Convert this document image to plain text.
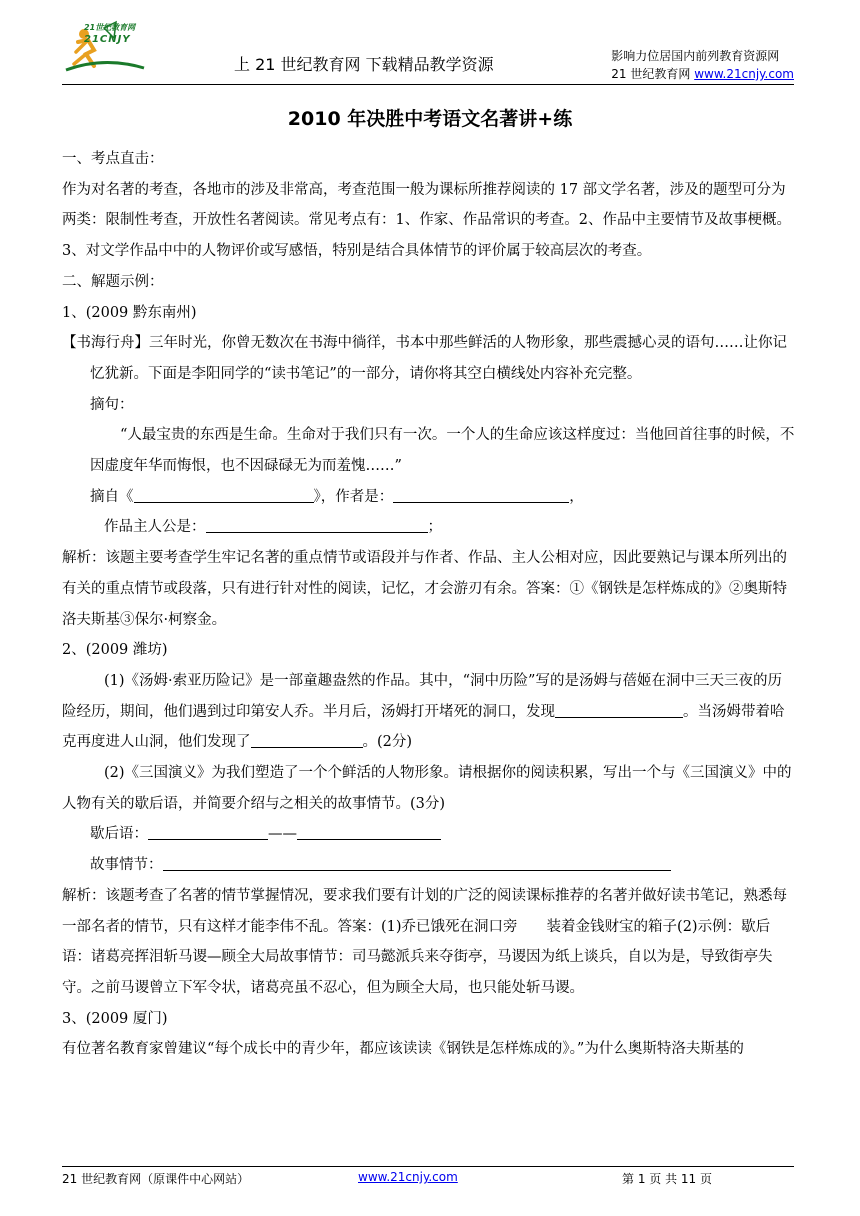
21世纪教育网
21CNJY
上 21 世纪教育网 下载精品教学资源	影响力位居国内前列教育资源网
21 世纪教育网 www.21cnjy.com
2010 年决胜中考语文名著讲+练

一、考点直击：

作为对名著的考查，各地市的涉及非常高，考查范围一般为课标所推荐阅读的 17 部文学名著，涉及的题型可分为两类：限制性考查，开放性名著阅读。常见考点有：1、作家、作品常识的考查。2、作品中主要情节及故事梗概。3、对文学作品中中的人物评价或写感悟，特别是结合具体情节的评价属于较高层次的考查。

二、解题示例：

1、(2009 黔东南州)

【书海行舟】三年时光，你曾无数次在书海中徜徉，书本中那些鲜活的人物形象，那些震撼心灵的语句……让你记忆犹新。下面是李阳同学的“读书笔记”的一部分，请你将其空白横线处内容补充完整。

摘句：

“人最宝贵的东西是生命。生命对于我们只有一次。一个人的生命应该这样度过：当他回首往事的时候，不因虚度年华而悔恨，也不因碌碌无为而羞愧……”

摘自《	》，作者是：	，

作品主人公是：	；

解析：该题主要考查学生牢记名著的重点情节或语段并与作者、作品、主人公相对应，因此要熟记与课本所列出的有关的重点情节或段落，只有进行针对性的阅读，记忆，才会游刃有余。答案：①《钢铁是怎样炼成的》②奥斯特洛夫斯基③保尔·柯察金。

2、(2009 潍坊)

(1)《汤姆·索亚历险记》是一部童趣盎然的作品。其中，“洞中历险”写的是汤姆与蓓姬在洞中三天三夜的历险经历，期间，他们遇到过印第安人乔。半月后，汤姆打开堵死的洞口，发现	。当汤姆带着哈克再度进人山洞，他们发现了	。(2分)

(2)《三国演义》为我们塑造了一个个鲜活的人物形象。请根据你的阅读积累，写出一个与《三国演义》中的人物有关的歇后语，并简要介绍与之相关的故事情节。(3分)

歇后语：	——

故事情节：

解析：该题考查了名著的情节掌握情况，要求我们要有计划的广泛的阅读课标推荐的名著并做好读书笔记，熟悉每一部名者的情节，只有这样才能李伟不乱。答案：(1)乔已饿死在洞口旁　　装着金钱财宝的箱子(2)示例：歇后语：诸葛亮挥泪斩马谡—顾全大局故事情节：司马懿派兵来夺街亭，马谡因为纸上谈兵，自以为是，导致街亭失守。之前马谡曾立下军令状，诸葛亮虽不忍心，但为顾全大局，也只能处斩马谡。

3、(2009 厦门)

有位著名教育家曾建议“每个成长中的青少年，都应该读读《钢铁是怎样炼成的》。”为什么奥斯特洛夫斯基的

21 世纪教育网（原课件中心网站）	www.21cnjy.com	第 1 页 共 11 页
